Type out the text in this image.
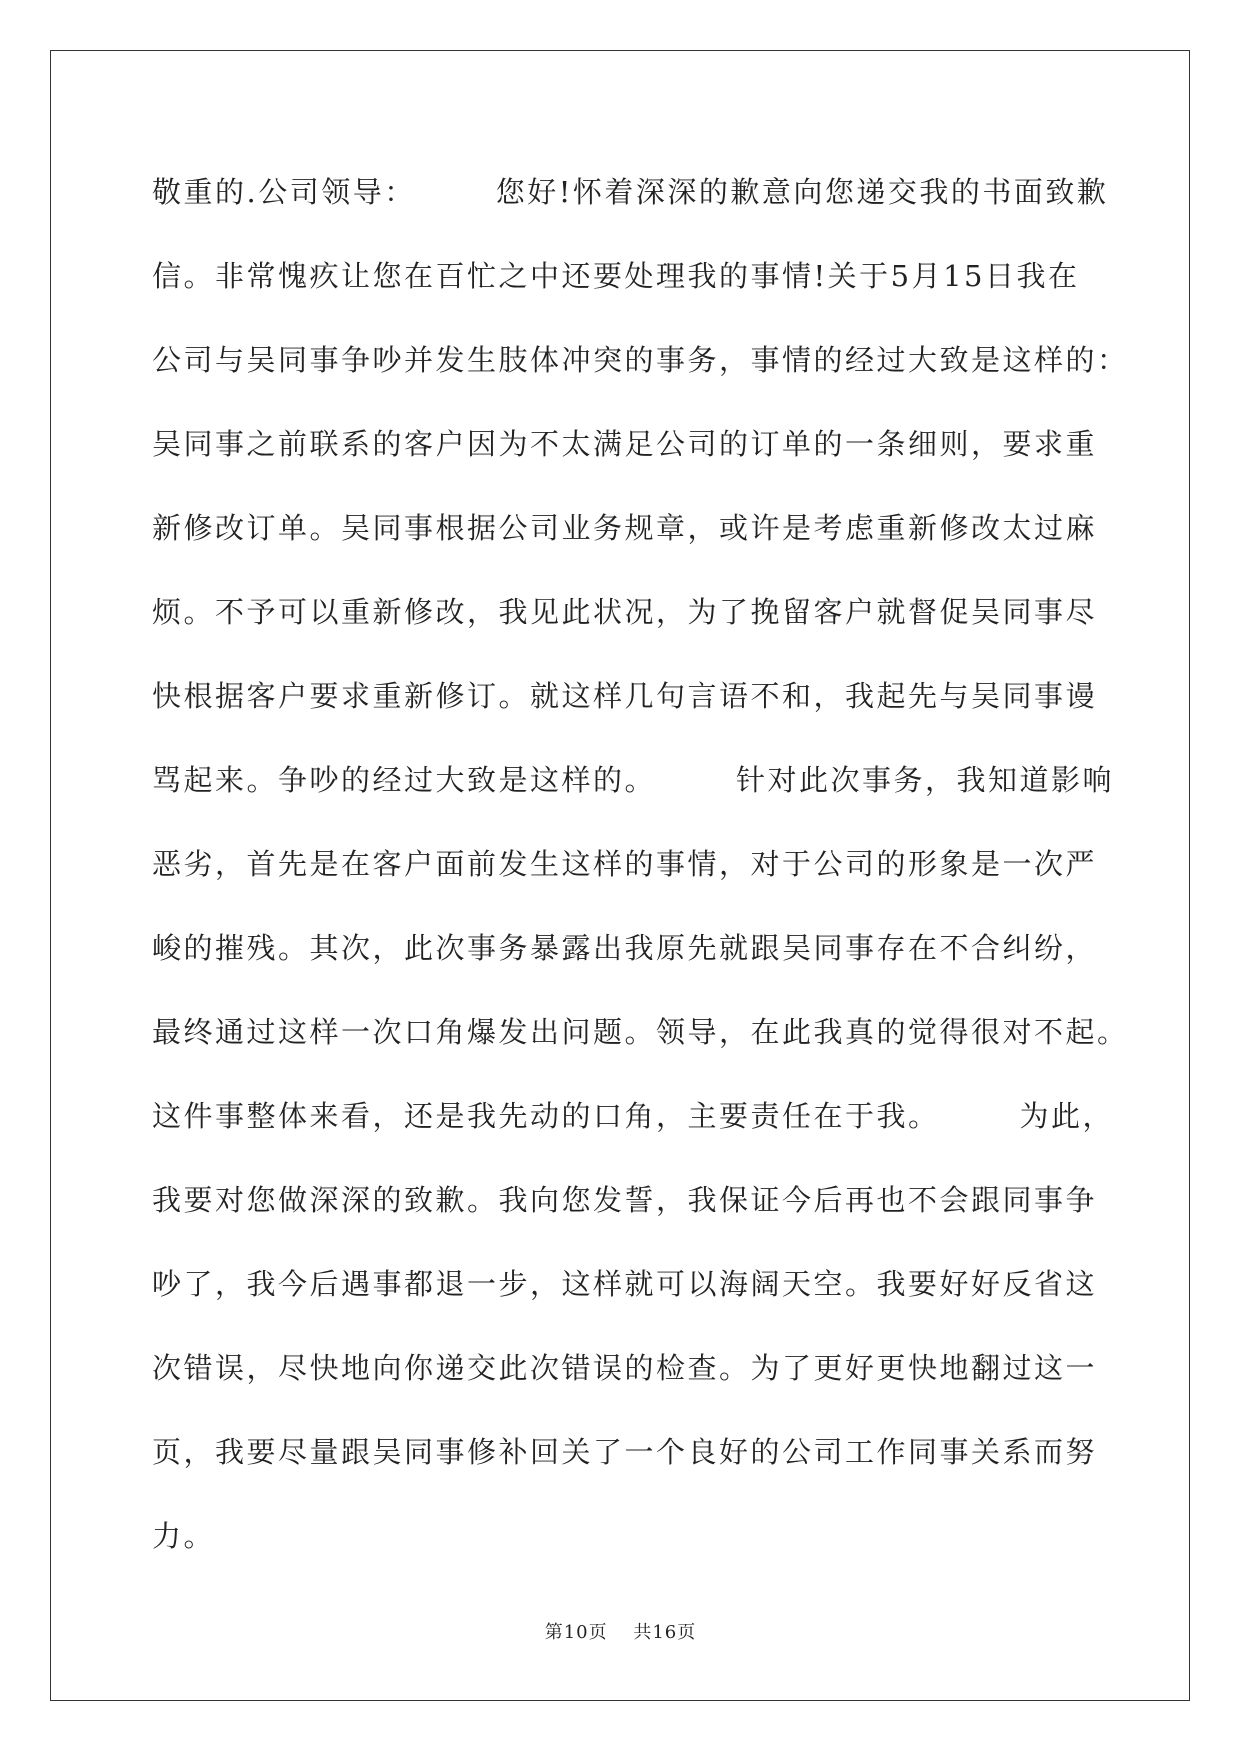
敬重的.公司领导：　　　您好!怀着深深的歉意向您递交我的书面致歉
信。非常愧疚让您在百忙之中还要处理我的事情!关于5月15日我在
公司与吴同事争吵并发生肢体冲突的事务，事情的经过大致是这样的：
吴同事之前联系的客户因为不太满足公司的订单的一条细则，要求重
新修改订单。吴同事根据公司业务规章，或许是考虑重新修改太过麻
烦。不予可以重新修改，我见此状况，为了挽留客户就督促吴同事尽
快根据客户要求重新修订。就这样几句言语不和，我起先与吴同事谩
骂起来。争吵的经过大致是这样的。　　　针对此次事务，我知道影响
恶劣，首先是在客户面前发生这样的事情，对于公司的形象是一次严
峻的摧残。其次，此次事务暴露出我原先就跟吴同事存在不合纠纷，
最终通过这样一次口角爆发出问题。领导，在此我真的觉得很对不起。
这件事整体来看，还是我先动的口角，主要责任在于我。　　　为此，
我要对您做深深的致歉。我向您发誓，我保证今后再也不会跟同事争
吵了，我今后遇事都退一步，这样就可以海阔天空。我要好好反省这
次错误，尽快地向你递交此次错误的检查。为了更好更快地翻过这一
页，我要尽量跟吴同事修补回关了一个良好的公司工作同事关系而努
力。
第10页　 共16页
